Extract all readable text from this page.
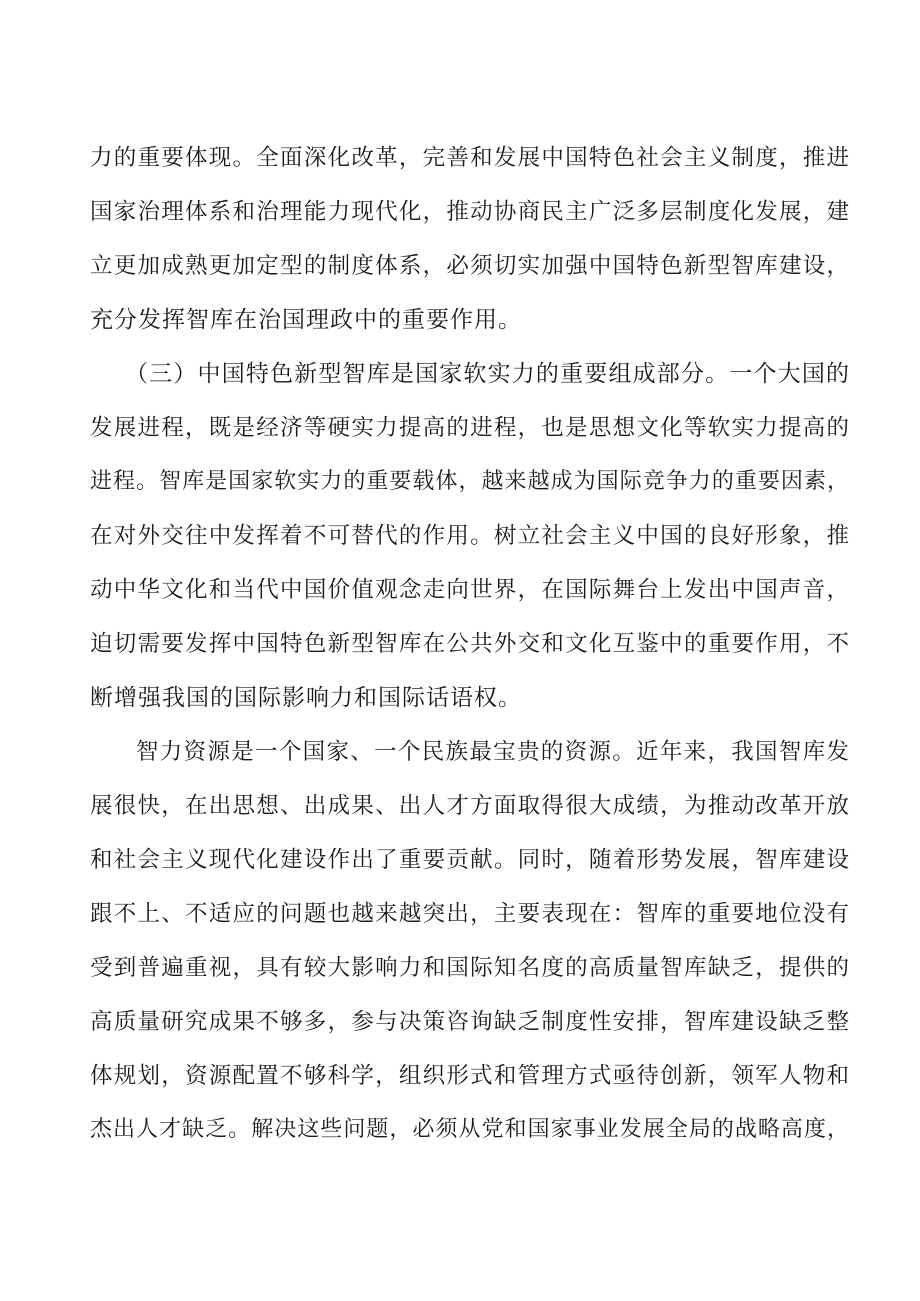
力的重要体现。全面深化改革，完善和发展中国特色社会主义制度，推进
国家治理体系和治理能力现代化，推动协商民主广泛多层制度化发展，建
立更加成熟更加定型的制度体系，必须切实加强中国特色新型智库建设，
充分发挥智库在治国理政中的重要作用。
（三）中国特色新型智库是国家软实力的重要组成部分。一个大国的
发展进程，既是经济等硬实力提高的进程，也是思想文化等软实力提高的
进程。智库是国家软实力的重要载体，越来越成为国际竞争力的重要因素，
在对外交往中发挥着不可替代的作用。树立社会主义中国的良好形象，推
动中华文化和当代中国价值观念走向世界，在国际舞台上发出中国声音，
迫切需要发挥中国特色新型智库在公共外交和文化互鉴中的重要作用，不
断增强我国的国际影响力和国际话语权。
智力资源是一个国家、一个民族最宝贵的资源。近年来，我国智库发
展很快，在出思想、出成果、出人才方面取得很大成绩，为推动改革开放
和社会主义现代化建设作出了重要贡献。同时，随着形势发展，智库建设
跟不上、不适应的问题也越来越突出，主要表现在：智库的重要地位没有
受到普遍重视，具有较大影响力和国际知名度的高质量智库缺乏，提供的
高质量研究成果不够多，参与决策咨询缺乏制度性安排，智库建设缺乏整
体规划，资源配置不够科学，组织形式和管理方式亟待创新，领军人物和
杰出人才缺乏。解决这些问题，必须从党和国家事业发展全局的战略高度，
